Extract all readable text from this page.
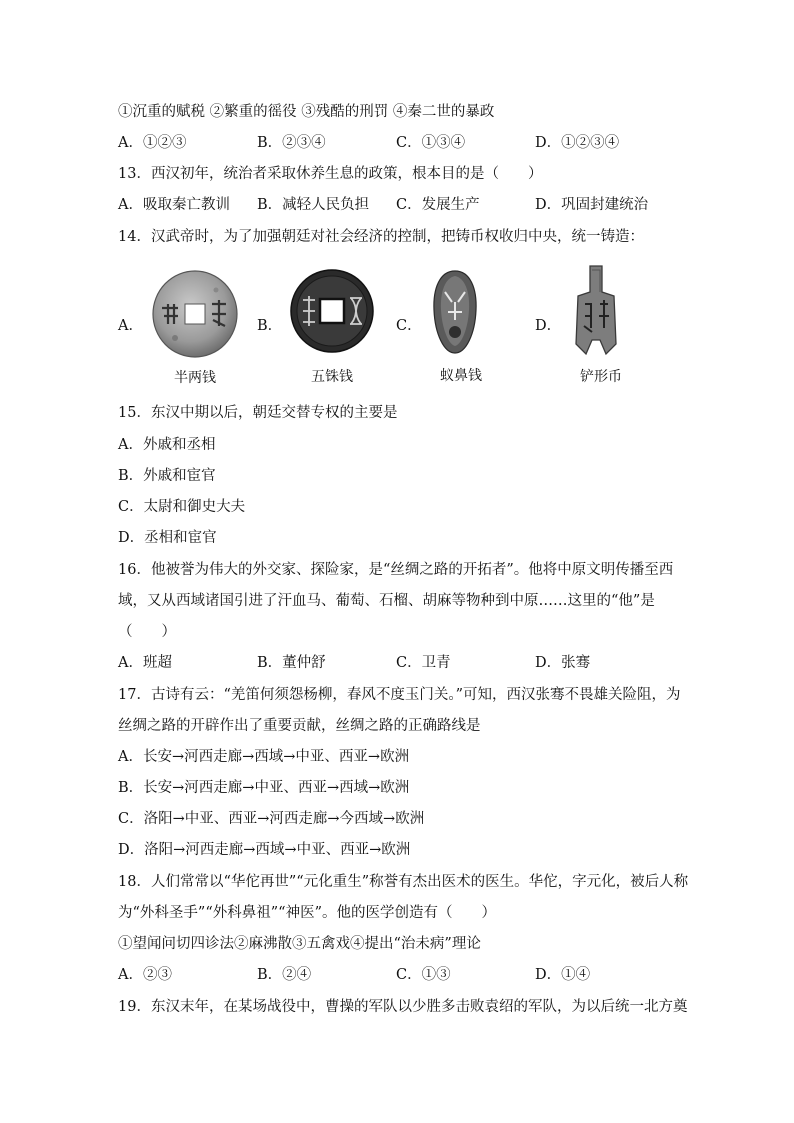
①沉重的赋税 ②繁重的徭役 ③残酷的刑罚 ④秦二世的暴政
A．①②③	B．②③④	C．①③④	D．①②③④
13．西汉初年，统治者采取休养生息的政策，根本目的是（　　）
A．吸取秦亡教训 B．减轻人民负担 C．发展生产	D．巩固封建统治
14．汉武帝时，为了加强朝廷对社会经济的控制，把铸币权收归中央，统一铸造：
A．	B．	C．	D．
半两钱	五铢钱	蚁鼻钱	铲形币
15．东汉中期以后，朝廷交替专权的主要是
A．外戚和丞相
B．外戚和宦官
C．太尉和御史大夫
D．丞相和宦官
16．他被誉为伟大的外交家、探险家，是“丝绸之路的开拓者”。他将中原文明传播至西
域，又从西域诸国引进了汗血马、葡萄、石榴、胡麻等物种到中原……这里的“他”是
（　　）
A．班超	B．董仲舒	C．卫青	D．张骞
17．古诗有云：“羌笛何须怨杨柳，春风不度玉门关。”可知，西汉张骞不畏雄关险阻，为
丝绸之路的开辟作出了重要贡献，丝绸之路的正确路线是
A．长安→河西走廊→西域→中亚、西亚→欧洲
B．长安→河西走廊→中亚、西亚→西域→欧洲
C．洛阳→中亚、西亚→河西走廊→今西域→欧洲
D．洛阳→河西走廊→西域→中亚、西亚→欧洲
18．人们常常以“华佗再世”“元化重生”称誉有杰出医术的医生。华佗，字元化，被后人称
为“外科圣手”“外科鼻祖”“神医”。他的医学创造有（　　）
①望闻问切四诊法②麻沸散③五禽戏④提出“治未病”理论
A．②③	B．②④	C．①③	D．①④
19．东汉末年，在某场战役中，曹操的军队以少胜多击败袁绍的军队，为以后统一北方奠
